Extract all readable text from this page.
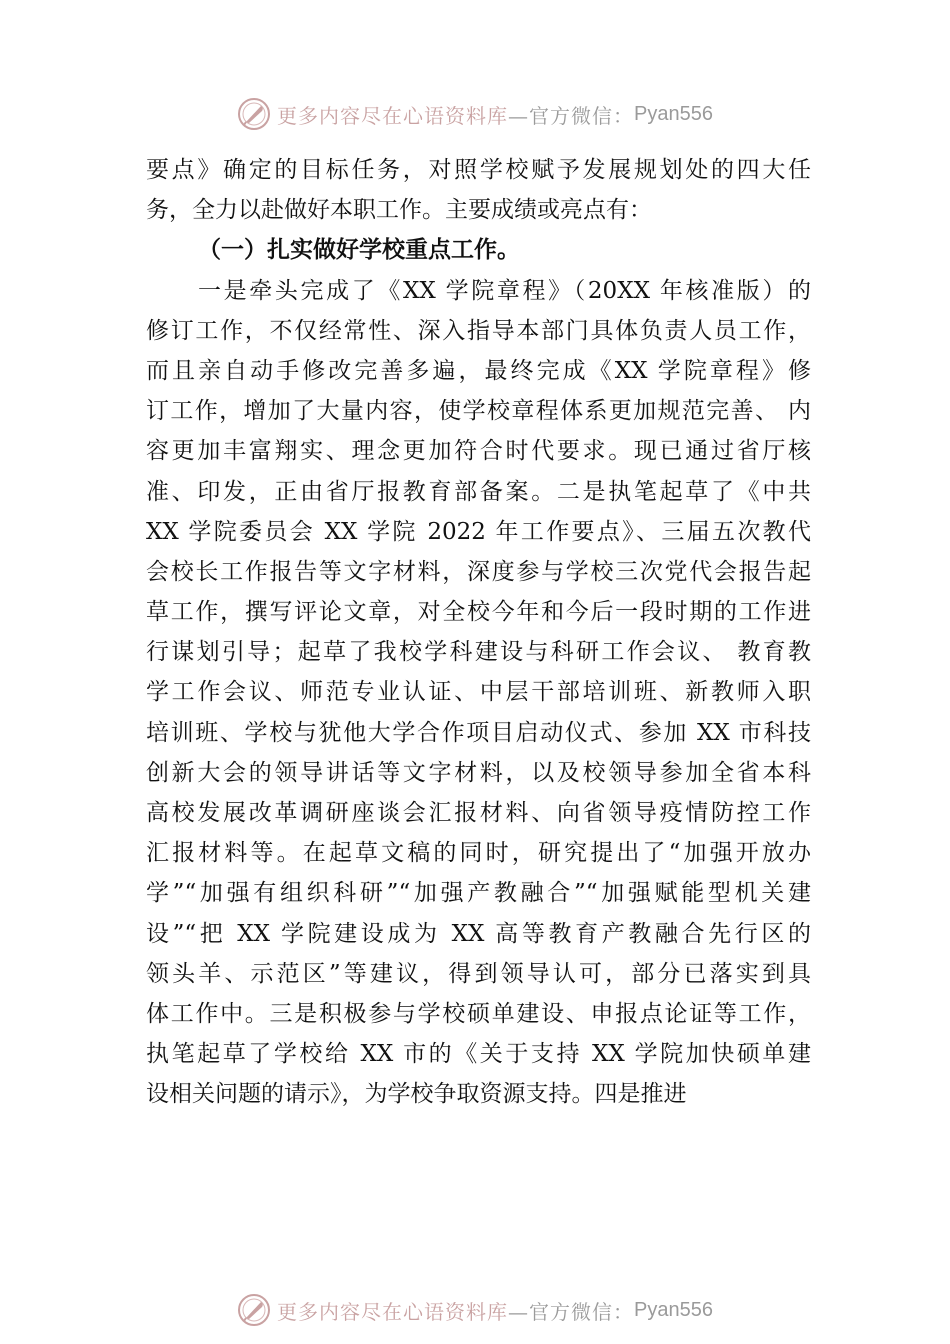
更多内容尽在心语资料库 —官方微信： Pyan556
要点》确定的目标任务，对照学校赋予发展规划处的四大任
务，全力以赴做好本职工作。主要成绩或亮点有：
（一）扎实做好学校重点工作。
一是牵头完成了《XX 学院章程》（20XX 年核准版）的
修订工作，不仅经常性、深入指导本部门具体负责人员工作，
而且亲自动手修改完善多遍，最终完成《XX 学院章程》修
订工作，增加了大量内容，使学校章程体系更加规范完善、 内
容更加丰富翔实、理念更加符合时代要求。现已通过省厅核
准、印发，正由省厅报教育部备案。二是执笔起草了《中共
XX 学院委员会 XX 学院 2022 年工作要点》、三届五次教代
会校长工作报告等文字材料，深度参与学校三次党代会报告起
草工作，撰写评论文章，对全校今年和今后一段时期的工作进
行谋划引导；起草了我校学科建设与科研工作会议、 教育教
学工作会议、师范专业认证、中层干部培训班、新教师入职
培训班、学校与犹他大学合作项目启动仪式、参加 XX 市科技
创新大会的领导讲话等文字材料，以及校领导参加全省本科
高校发展改革调研座谈会汇报材料、向省领导疫情防控工作
汇报材料等。在起草文稿的同时，研究提出了“加强开放办
学”“加强有组织科研”“加强产教融合”“加强赋能型机关建
设”“把 XX 学院建设成为 XX 高等教育产教融合先行区的
领头羊、示范区”等建议，得到领导认可，部分已落实到具
体工作中。三是积极参与学校硕单建设、申报点论证等工作，
执笔起草了学校给 XX 市的《关于支持 XX 学院加快硕单建
设相关问题的请示》，为学校争取资源支持。四是推进
更多内容尽在心语资料库 —官方微信： Pyan556
